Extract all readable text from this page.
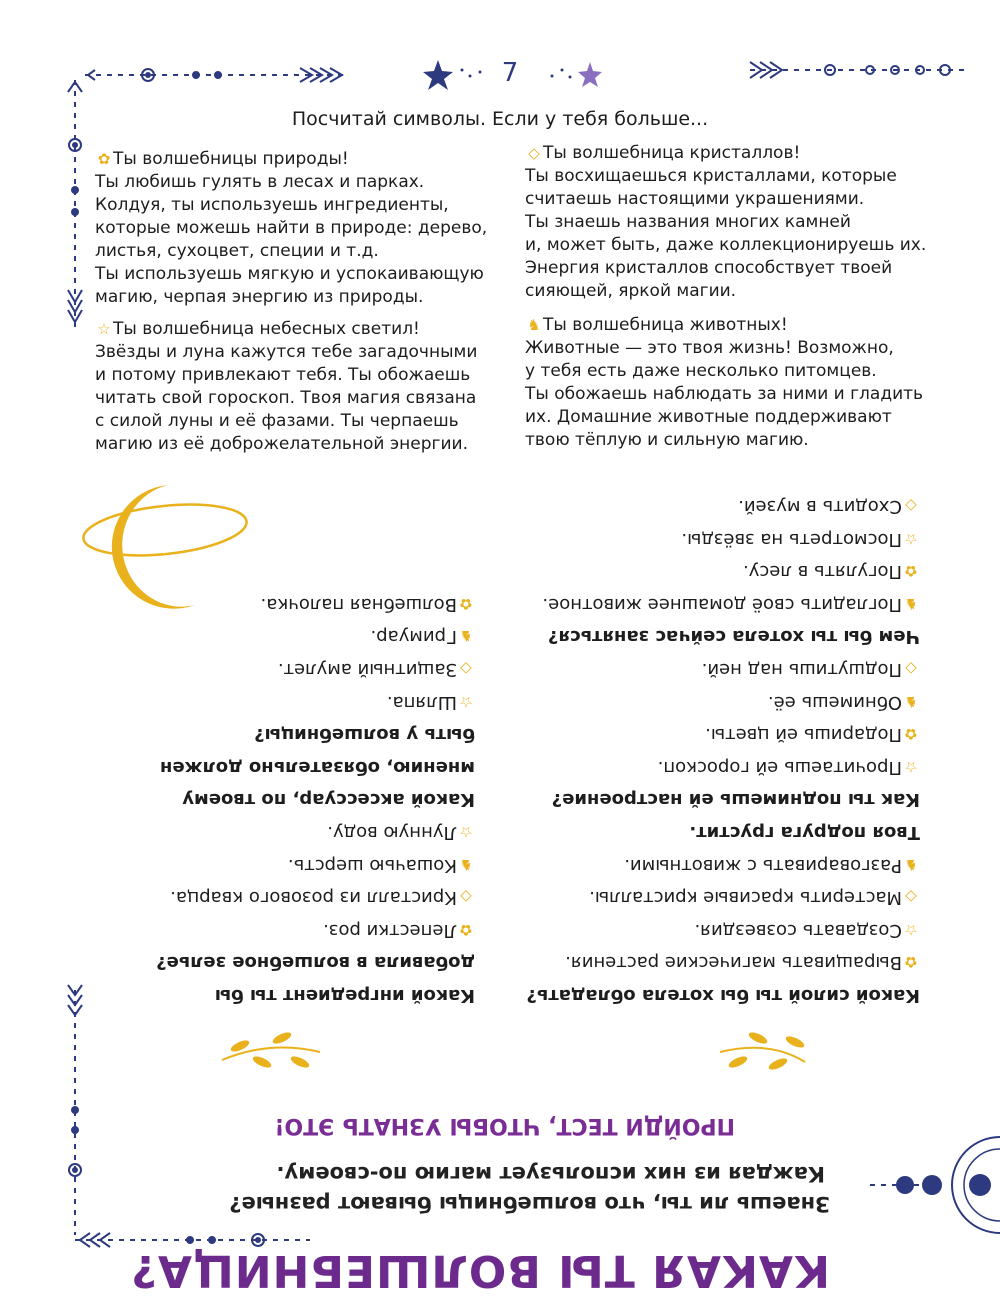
7
Посчитай символы. Если у тебя больше...

✿ Ты волшебницы природы!

Ты любишь гулять в лесах и парках.

Колдуя, ты используешь ингредиенты,

которые можешь найти в природе: дерево,

листья, сухоцвет, специи и т.д.

Ты используешь мягкую и успокаивающую

магию, черпая энергию из природы.

☆ Ты волшебница небесных светил!

Звёзды и луна кажутся тебе загадочными

и потому привлекают тебя. Ты обожаешь

читать свой гороскоп. Твоя магия связана

с силой луны и её фазами. Ты черпаешь

магию из её доброжелательной энергии.

◇ Ты волшебница кристаллов!

Ты восхищаешься кристаллами, которые

считаешь настоящими украшениями.

Ты знаешь названия многих камней

и, может быть, даже коллекционируешь их.

Энергия кристаллов способствует твоей

сияющей, яркой магии.

♞ Ты волшебница животных!

Животные — это твоя жизнь! Возможно,

у тебя есть даже несколько питомцев.

Ты обожаешь наблюдать за ними и гладить

их. Домашние животные поддерживают

твою тёплую и сильную магию.

КАКАЯ ТЫ ВОЛШЕБНИЦА?
Знаешь ли ты, что волшебницы бывают разные?
Каждая из них использует магию по-своему.
ПРОЙДИ ТЕСТ, ЧТОБЫ УЗНАТЬ ЭТО!
Какой силой ты бы хотела обладать?
✿Выращивать магические растения.
☆Создавать созвездия.
◇Мастерить красивые кристаллы.
♞Разговаривать с животными.
Твоя подруга грустит.
Как ты поднимешь ей настроение?
☆Прочитаешь ей гороскоп.
✿Подаришь ей цветы.
♞Обнимешь её.
◇Подшутишь над ней.
Чем бы ты хотела сейчас заняться?
♞Погладить своё домашнее животное.
✿Погулять в лесу.
☆Посмотреть на звёзды.
◇Сходить в музей.
Какой ингредиент ты бы
добавила в волшебное зелье?
✿Лепестки роз.
◇Кристалл из розового кварца.
♞Кошачью шерсть.
☆Лунную воду.
Какой аксессуар, по твоему
мнению, обязательно должен
быть у волшебницы?
☆Шляпа.
◇Защитный амулет.
♞Гримуар.
✿Волшебная палочка.
